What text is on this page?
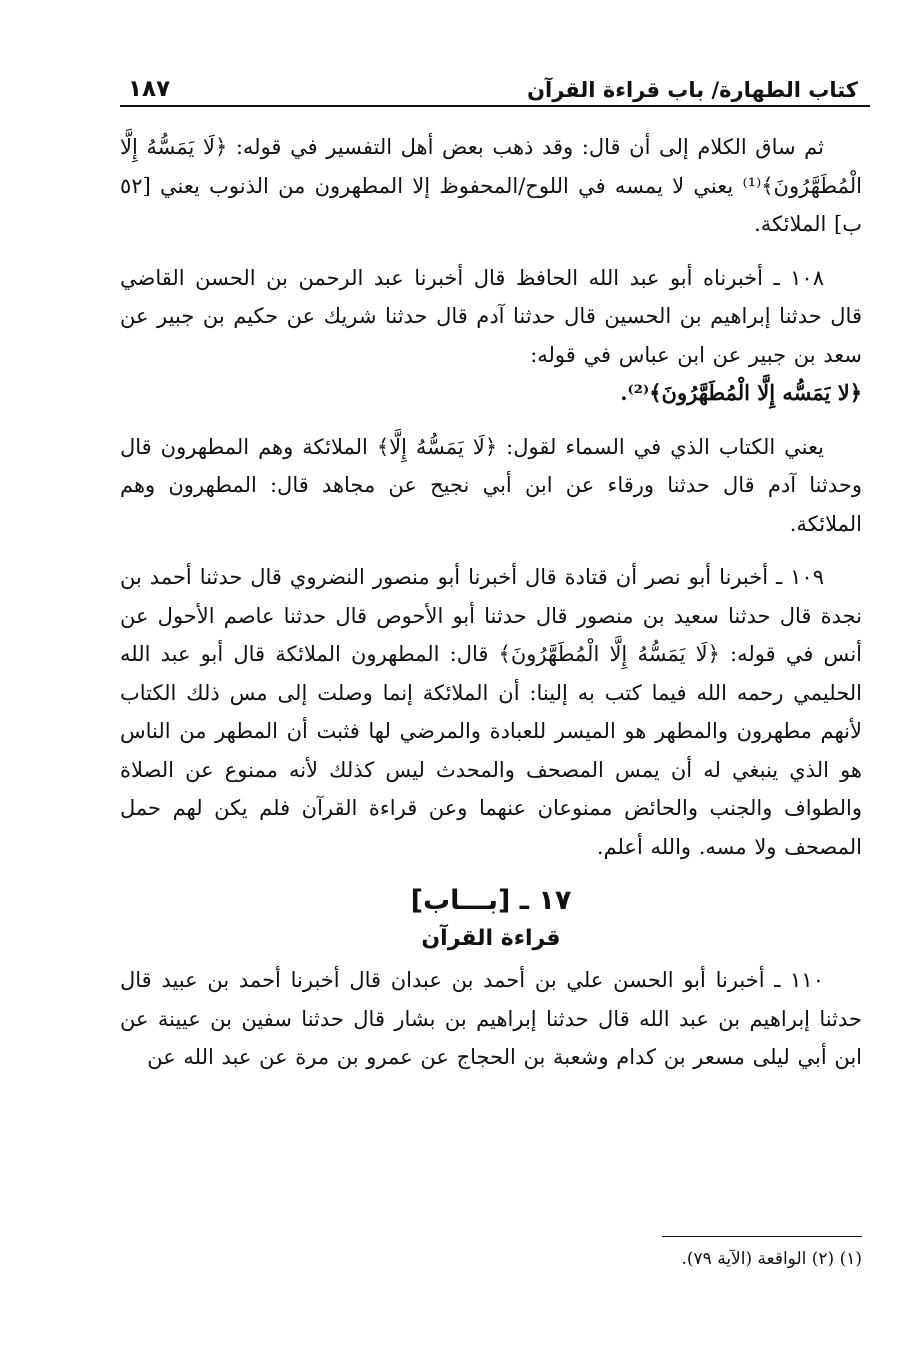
كتاب الطهارة/ باب قراءة القرآن
١٨٧

ثم ساق الكلام إلى أن قال: وقد ذهب بعض أهل التفسير في قوله: ﴿لَا يَمَسُّهُ إِلَّا الْمُطَهَّرُونَ﴾⁽¹⁾ يعني لا يمسه في اللوح/المحفوظ إلا المطهرون من الذنوب يعني [٥٢ ب] الملائكة.

١٠٨ ـ أخبرناه أبو عبد الله الحافظ قال أخبرنا عبد الرحمن بن الحسن القاضي قال حدثنا إبراهيم بن الحسين قال حدثنا آدم قال حدثنا شريك عن حكيم بن جبير عن سعد بن جبير عن ابن عباس في قوله:

﴿لا يَمَسُّه إِلَّا الْمُطَهَّرُونَ﴾⁽²⁾.

يعني الكتاب الذي في السماء لقول: ﴿لَا يَمَسُّهُ إِلَّا﴾ الملائكة وهم المطهرون قال وحدثنا آدم قال حدثنا ورقاء عن ابن أبي نجيح عن مجاهد قال: المطهرون وهم الملائكة.

١٠٩ ـ أخبرنا أبو نصر أن قتادة قال أخبرنا أبو منصور النضروي قال حدثنا أحمد بن نجدة قال حدثنا سعيد بن منصور قال حدثنا أبو الأحوص قال حدثنا عاصم الأحول عن أنس في قوله: ﴿لَا يَمَسُّهُ إِلَّا الْمُطَهَّرُونَ﴾ قال: المطهرون الملائكة قال أبو عبد الله الحليمي رحمه الله فيما كتب به إلينا: أن الملائكة إنما وصلت إلى مس ذلك الكتاب لأنهم مطهرون والمطهر هو الميسر للعبادة والمرضي لها فثبت أن المطهر من الناس هو الذي ينبغي له أن يمس المصحف والمحدث ليس كذلك لأنه ممنوع عن الصلاة والطواف والجنب والحائض ممنوعان عنهما وعن قراءة القرآن فلم يكن لهم حمل المصحف ولا مسه. والله أعلم.

١٧ ـ [بـــاب]
قراءة القرآن

١١٠ ـ أخبرنا أبو الحسن علي بن أحمد بن عبدان قال أخبرنا أحمد بن عبيد قال حدثنا إبراهيم بن عبد الله قال حدثنا إبراهيم بن بشار قال حدثنا سفين بن عيينة عن ابن أبي ليلى مسعر بن كدام وشعبة بن الحجاج عن عمرو بن مرة عن عبد الله عن

(١) (٢) الواقعة (الآية ٧٩).
